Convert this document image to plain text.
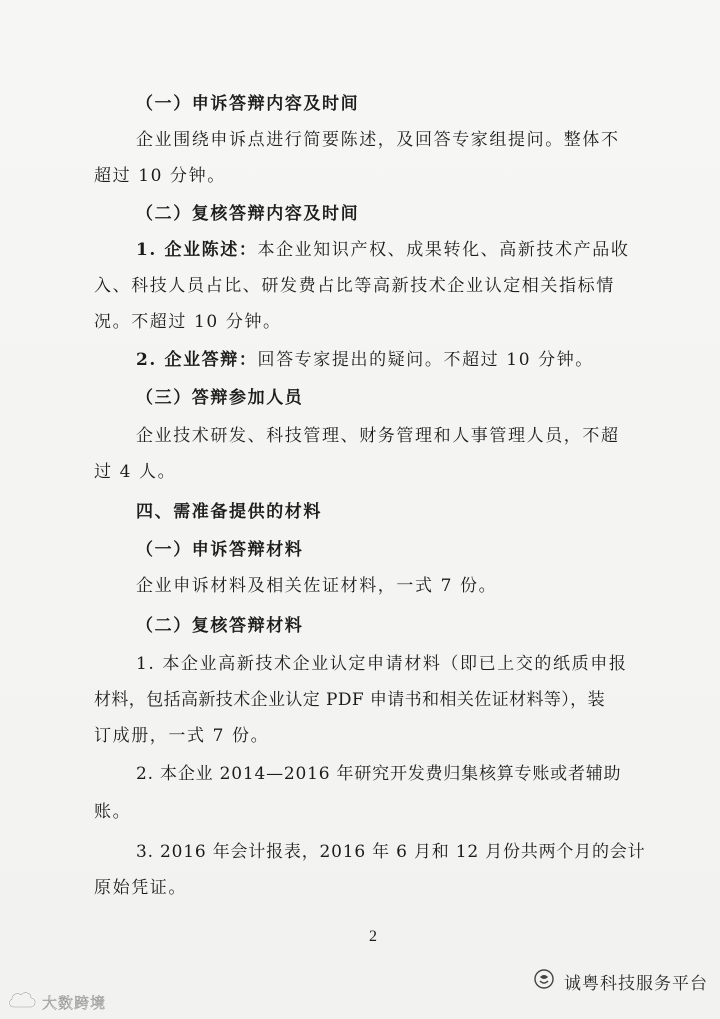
（一）申诉答辩内容及时间
企业围绕申诉点进行简要陈述，及回答专家组提问。整体不
超过 10 分钟。
（二）复核答辩内容及时间
1. 企业陈述：本企业知识产权、成果转化、高新技术产品收
入、科技人员占比、研发费占比等高新技术企业认定相关指标情
况。不超过 10 分钟。
2. 企业答辩：回答专家提出的疑问。不超过 10 分钟。
（三）答辩参加人员
企业技术研发、科技管理、财务管理和人事管理人员，不超
过 4 人。
四、需准备提供的材料
（一）申诉答辩材料
企业申诉材料及相关佐证材料，一式 7 份。
（二）复核答辩材料
1. 本企业高新技术企业认定申请材料（即已上交的纸质申报
材料，包括高新技术企业认定 PDF 申请书和相关佐证材料等），装
订成册，一式 7 份。
2. 本企业 2014—2016 年研究开发费归集核算专账或者辅助
账。
3. 2016 年会计报表，2016 年 6 月和 12 月份共两个月的会计
原始凭证。
2
大数跨境
诚粤科技服务平台
